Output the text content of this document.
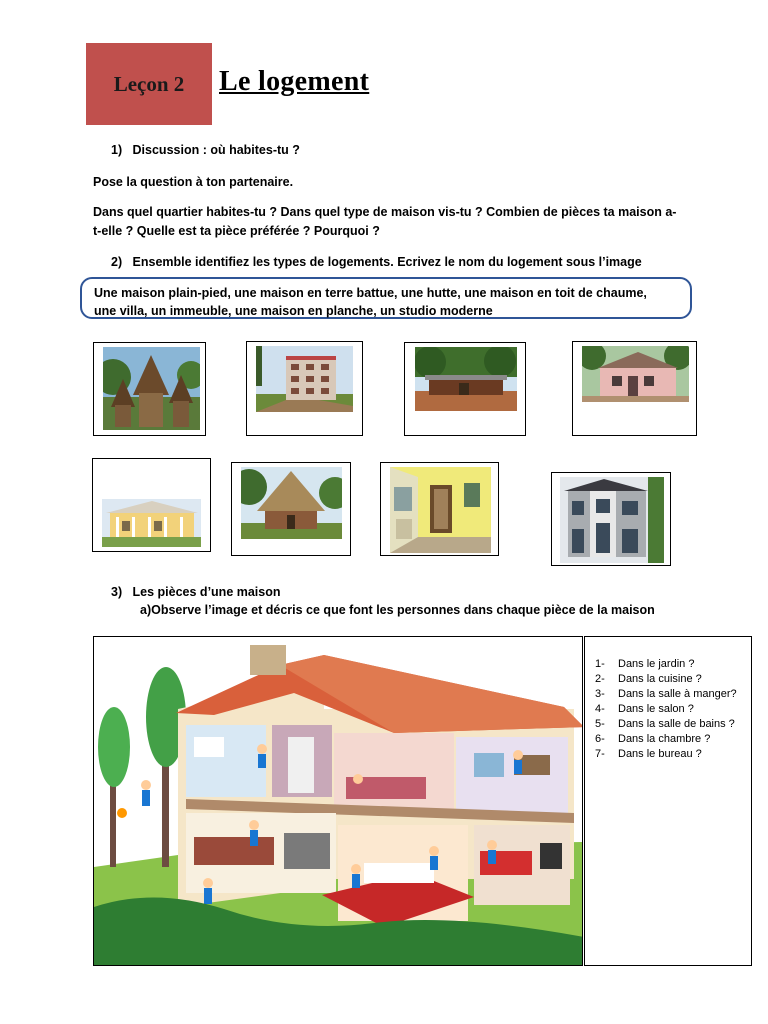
Leçon 2 Le logement
1)   Discussion : où habites-tu ?
Pose la question à ton partenaire.
Dans quel quartier habites-tu ? Dans quel type de maison vis-tu ? Combien de pièces ta maison a-
t-elle ? Quelle est ta pièce préférée ? Pourquoi ?
2)   Ensemble identifiez les types de logements. Ecrivez le nom du logement sous l’image
Une maison plain-pied, une maison en terre battue, une hutte, une maison en toit de chaume,
une villa, un immeuble, une maison en planche, un studio moderne
3)   Les pièces d’une maison
a)Observe l’image et décris ce que font les personnes dans chaque pièce de la maison
1-	Dans le jardin ?
2-	Dans la cuisine ?
3-	Dans la salle à manger?
4-	Dans le salon ?
5-	Dans la salle de bains ?
6-	Dans la chambre ?
7-	Dans le bureau ?
